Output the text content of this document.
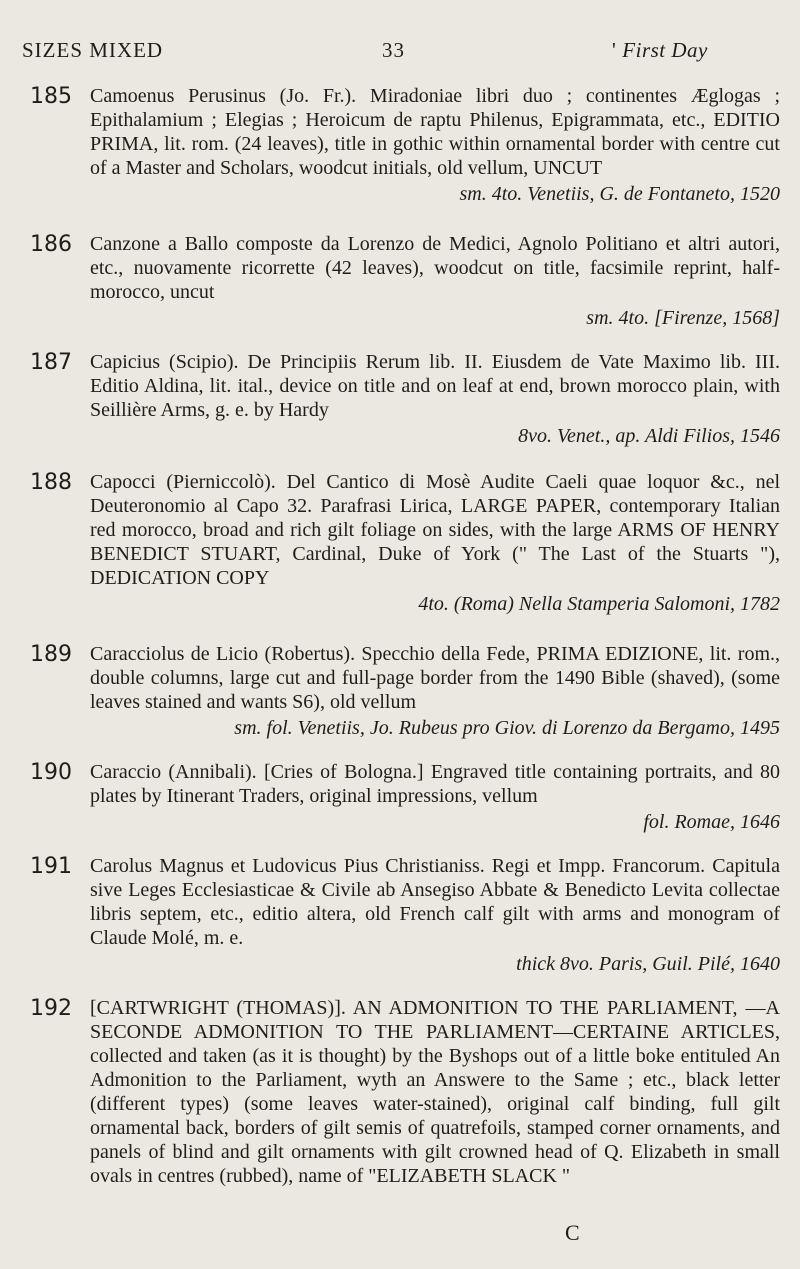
SIZES MIXED	33	' First Day
185 Camoenus Perusinus (Jo. Fr.). Miradoniae libri duo ; continentes Æglogas ; Epithalamium ; Elegias ; Heroicum de raptu Philenus, Epigrammata, etc., EDITIO PRIMA, lit. rom. (24 leaves), title in gothic within ornamental border with centre cut of a Master and Scholars, woodcut initials, old vellum, UNCUT
sm. 4to. Venetiis, G. de Fontaneto, 1520
186 Canzone a Ballo composte da Lorenzo de Medici, Agnolo Politiano et altri autori, etc., nuovamente ricorrette (42 leaves), woodcut on title, facsimile reprint, half-morocco, uncut
sm. 4to. [Firenze, 1568]
187 Capicius (Scipio). De Principiis Rerum lib. II. Eiusdem de Vate Maximo lib. III. Editio Aldina, lit. ital., device on title and on leaf at end, brown morocco plain, with Seillière Arms, g. e. by Hardy
8vo. Venet., ap. Aldi Filios, 1546
188 Capocci (Pierniccolò). Del Cantico di Mosè Audite Caeli quae loquor &c., nel Deuteronomio al Capo 32. Parafrasi Lirica, LARGE PAPER, contemporary Italian red morocco, broad and rich gilt foliage on sides, with the large ARMS OF HENRY BENEDICT STUART, Cardinal, Duke of York (" The Last of the Stuarts "), DEDICATION COPY
4to. (Roma) Nella Stamperia Salomoni, 1782
189 Caracciolus de Licio (Robertus). Specchio della Fede, PRIMA EDIZIONE, lit. rom., double columns, large cut and full-page border from the 1490 Bible (shaved), (some leaves stained and wants S6), old vellum
sm. fol. Venetiis, Jo. Rubeus pro Giov. di Lorenzo da Bergamo, 1495
190 Caraccio (Annibali). [Cries of Bologna.] Engraved title containing portraits, and 80 plates by Itinerant Traders, original impressions, vellum
fol. Romae, 1646
191 Carolus Magnus et Ludovicus Pius Christianiss. Regi et Impp. Francorum. Capitula sive Leges Ecclesiasticae & Civile ab Ansegiso Abbate & Benedicto Levita collectae libris septem, etc., editio altera, old French calf gilt with arms and monogram of Claude Molé, m. e.
thick 8vo. Paris, Guil. Pilé, 1640
192 [CARTWRIGHT (THOMAS)]. AN ADMONITION TO THE PARLIAMENT, —A SECONDE ADMONITION TO THE PARLIAMENT—CERTAINE ARTICLES, collected and taken (as it is thought) by the Byshops out of a little boke entituled An Admonition to the Parliament, wyth an Answere to the Same ; etc., black letter (different types) (some leaves water-stained), original calf binding, full gilt ornamental back, borders of gilt semis of quatrefoils, stamped corner ornaments, and panels of blind and gilt ornaments with gilt crowned head of Q. Elizabeth in small ovals in centres (rubbed), name of "ELIZABETH SLACK "
C
